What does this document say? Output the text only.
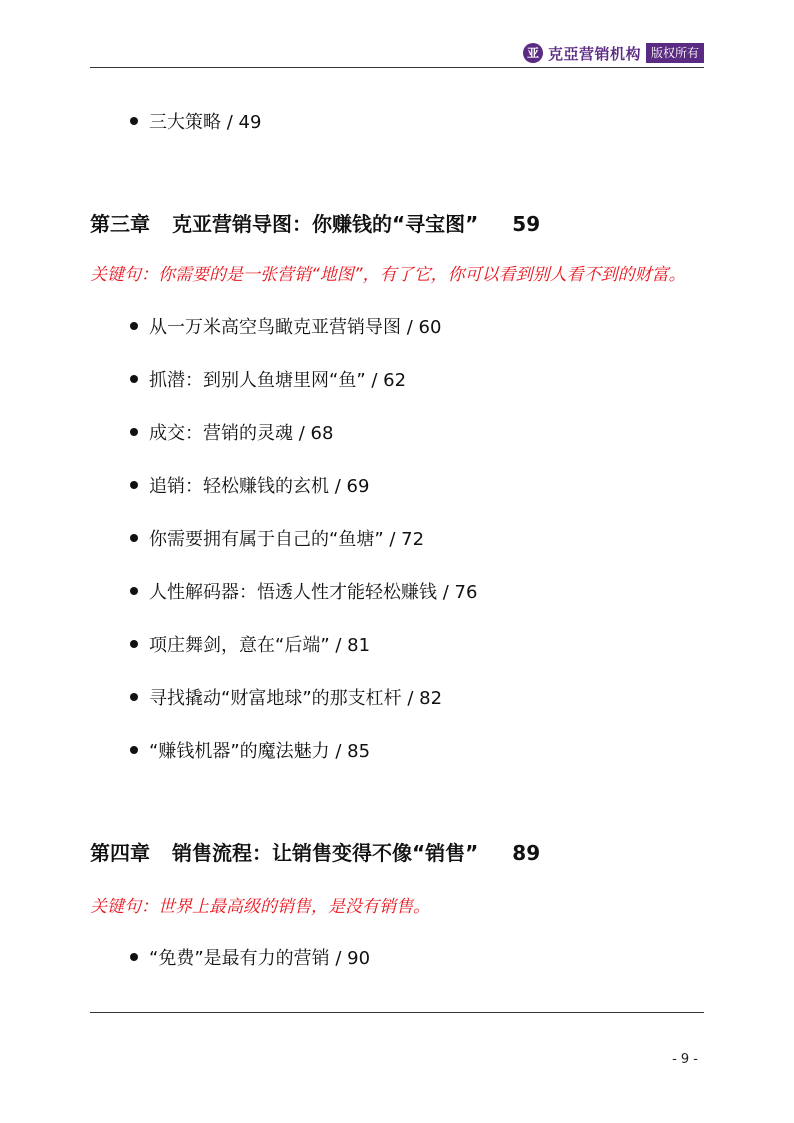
亚 克亞营销机构 版权所有
三大策略 / 49
第三章 克亚营销导图：你赚钱的“寻宝图” 59
关键句：你需要的是一张营销“地图”，有了它，你可以看到别人看不到的财富。
从一万米高空鸟瞰克亚营销导图 / 60
抓潜：到别人鱼塘里网“鱼” / 62
成交：营销的灵魂 / 68
追销：轻松赚钱的玄机 / 69
你需要拥有属于自己的“鱼塘” / 72
人性解码器：悟透人性才能轻松赚钱 / 76
项庄舞剑，意在“后端” / 81
寻找撬动“财富地球”的那支杠杆 / 82
“赚钱机器”的魔法魅力 / 85
第四章 销售流程：让销售变得不像“销售” 89
关键句：世界上最高级的销售，是没有销售。
“免费”是最有力的营销 / 90
- 9 -
